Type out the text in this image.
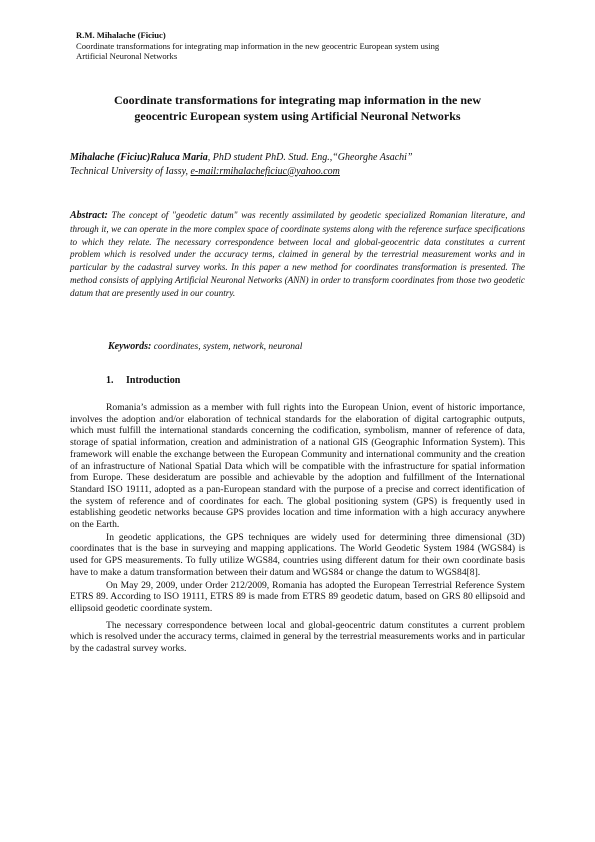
R.M. Mihalache (Ficiuc)
Coordinate transformations for integrating map information in the new geocentric European system using
Artificial Neuronal Networks
Coordinate transformations for integrating map information in the new
geocentric European system using Artificial Neuronal Networks
Mihalache (Ficiuc)Raluca Maria, PhD student PhD. Stud. Eng.,“Gheorghe Asachi”
Technical University of Iassy, e-mail:rmihalacheficiuc@yahoo.com

Abstract: The concept of "geodetic datum" was recently assimilated by geodetic specialized Romanian literature, and through it, we can operate in the more complex space of coordinate systems along with the reference surface specifications to which they relate. The necessary correspondence between local and global-geocentric data constitutes a current problem which is resolved under the accuracy terms, claimed in general by the terrestrial measurement works and in particular by the cadastral survey works. In this paper a new method for coordinates transformation is presented. The method consists of applying Artificial Neuronal Networks (ANN) in order to transform coordinates from those two geodetic datum that are presently used in our country.

Keywords: coordinates, system, network, neuronal
1. Introduction

Romania’s admission as a member with full rights into the European Union, event of historic importance, involves the adoption and/or elaboration of technical standards for the elaboration of digital cartographic outputs, which must fulfill the international standards concerning the codification, symbolism, manner of reference of data, storage of spatial information, creation and administration of a national GIS (Geographic Information System). This framework will enable the exchange between the European Community and international community and the creation of an infrastructure of National Spatial Data which will be compatible with the infrastructure for spatial information from Europe. These desideratum are possible and achievable by the adoption and fulfillment of the International Standard ISO 19111, adopted as a pan-European standard with the purpose of a precise and correct identification of the system of reference and of coordinates for each. The global positioning system (GPS) is frequently used in establishing geodetic networks because GPS provides location and time information with a high accuracy anywhere on the Earth.

In geodetic applications, the GPS techniques are widely used for determining three dimensional (3D) coordinates that is the base in surveying and mapping applications. The World Geodetic System 1984 (WGS84) is used for GPS measurements. To fully utilize WGS84, countries using different datum for their own coordinate basis have to make a datum transformation between their datum and WGS84 or change the datum to WGS84[8].

On May 29, 2009, under Order 212/2009, Romania has adopted the European Terrestrial Reference System ETRS 89. According to ISO 19111, ETRS 89 is made from ETRS 89 geodetic datum, based on GRS 80 ellipsoid and ellipsoid geodetic coordinate system.

The necessary correspondence between local and global-geocentric datum constitutes a current problem which is resolved under the accuracy terms, claimed in general by the terrestrial measurements works and in particular by the cadastral survey works.
